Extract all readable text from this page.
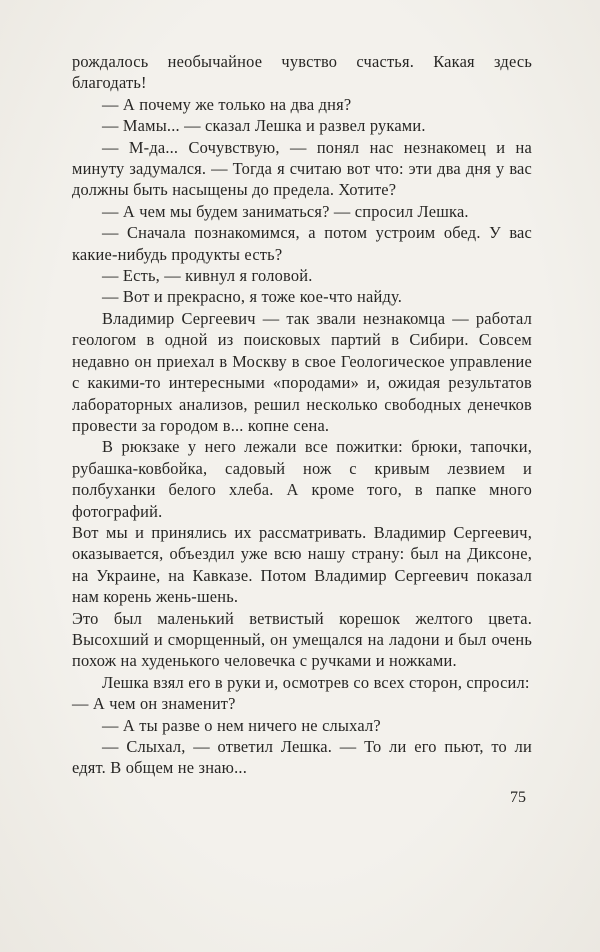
рождалось необычайное чувство счастья. Какая здесь благодать!

— А почему же только на два дня?

— Мамы... — сказал Лешка и развел руками.

— М-да... Сочувствую, — понял нас незнакомец и на минуту задумался. — Тогда я считаю вот что: эти два дня у вас должны быть насыщены до предела. Хотите?

— А чем мы будем заниматься? — спросил Лешка.

— Сначала познакомимся, а потом устроим обед. У вас какие-нибудь продукты есть?

— Есть, — кивнул я головой.

— Вот и прекрасно, я тоже кое-что найду.

Владимир Сергеевич — так звали незнакомца — работал геологом в одной из поисковых партий в Сибири. Совсем недавно он приехал в Москву в свое Геологическое управление с какими-то интересными «породами» и, ожидая результатов лабораторных анализов, решил несколько свободных денечков провести за городом в... копне сена.

В рюкзаке у него лежали все пожитки: брюки, тапочки, рубашка-ковбойка, садовый нож с кривым лезвием и полбуханки белого хлеба. А кроме того, в папке много фотографий.

Вот мы и принялись их рассматривать. Владимир Сергеевич, оказывается, объездил уже всю нашу страну: был на Диксоне, на Украине, на Кавказе. Потом Владимир Сергеевич показал нам корень жень-шень.

Это был маленький ветвистый корешок желтого цвета. Высохший и сморщенный, он умещался на ладони и был очень похож на худенького человечка с ручками и ножками.

Лешка взял его в руки и, осмотрев со всех сторон, спросил:

— А чем он знаменит?

— А ты разве о нем ничего не слыхал?

— Слыхал, — ответил Лешка. — То ли его пьют, то ли едят. В общем не знаю...

75
